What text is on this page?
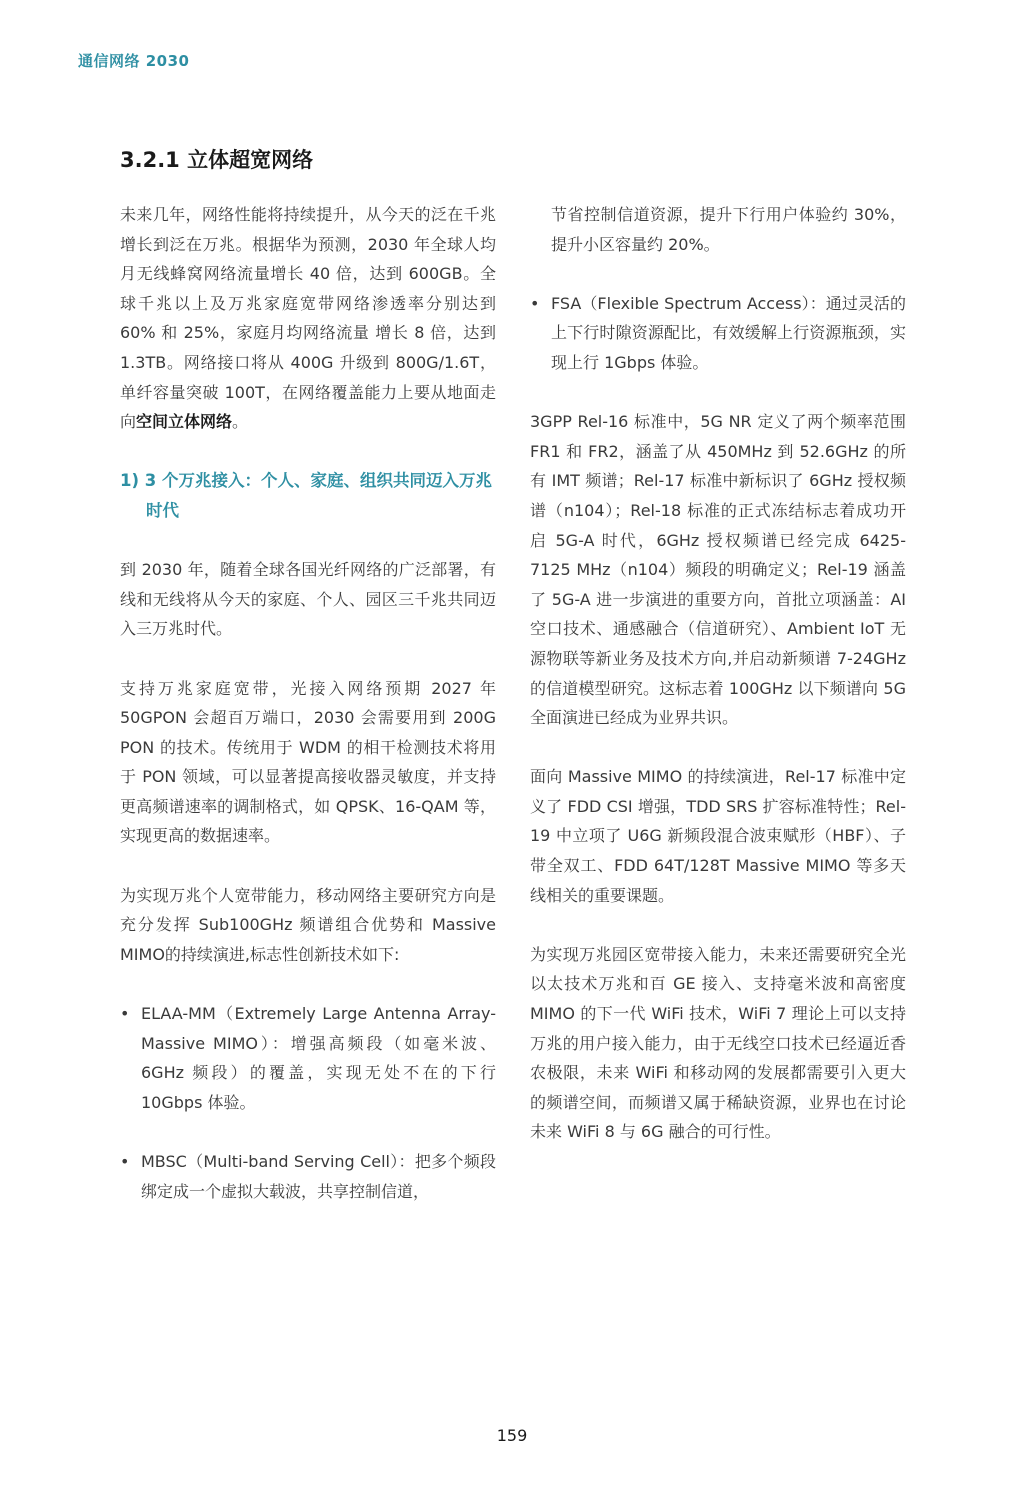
通信网络 2030
3.2.1 立体超宽网络

未来几年，网络性能将持续提升，从今天的泛在千兆增长到泛在万兆。根据华为预测，2030 年全球人均月无线蜂窝网络流量增长 40 倍，达到 600GB。全球千兆以上及万兆家庭宽带网络渗透率分别达到 60% 和 25%，家庭月均网络流量 增长 8 倍，达到 1.3TB。网络接口将从 400G 升级到 800G/1.6T，单纤容量突破 100T，在网络覆盖能力上要从地面走向空间立体网络。

1) 3 个万兆接入：个人、家庭、组织共同迈入万兆时代

到 2030 年，随着全球各国光纤网络的广泛部署，有线和无线将从今天的家庭、个人、园区三千兆共同迈入三万兆时代。

支持万兆家庭宽带，光接入网络预期 2027 年 50GPON 会超百万端口，2030 会需要用到 200G PON 的技术。传统用于 WDM 的相干检测技术将用于 PON 领域，可以显著提高接收器灵敏度，并支持更高频谱速率的调制格式，如 QPSK、16-QAM 等，实现更高的数据速率。

为实现万兆个人宽带能力，移动网络主要研究方向是充分发挥 Sub100GHz 频谱组合优势和 Massive MIMO的持续演进,标志性创新技术如下:

• ELAA-MM（Extremely Large Antenna Array-Massive MIMO）：增强高频段（如毫米波、6GHz 频段）的覆盖，实现无处不在的下行 10Gbps 体验。
• MBSC（Multi-band Serving Cell）：把多个频段绑定成一个虚拟大载波，共享控制信道，
节省控制信道资源，提升下行用户体验约 30%，提升小区容量约 20%。
• FSA（Flexible Spectrum Access）：通过灵活的上下行时隙资源配比，有效缓解上行资源瓶颈，实现上行 1Gbps 体验。

3GPP Rel-16 标准中，5G NR 定义了两个频率范围 FR1 和 FR2，涵盖了从 450MHz 到 52.6GHz 的所有 IMT 频谱；Rel-17 标准中新标识了 6GHz 授权频谱（n104）；Rel-18 标准的正式冻结标志着成功开启 5G-A 时代，6GHz 授权频谱已经完成 6425-7125 MHz（n104）频段的明确定义；Rel-19 涵盖了 5G-A 进一步演进的重要方向，首批立项涵盖：AI 空口技术、通感融合（信道研究）、Ambient IoT 无源物联等新业务及技术方向,并启动新频谱 7-24GHz 的信道模型研究。这标志着 100GHz 以下频谱向 5G 全面演进已经成为业界共识。

面向 Massive MIMO 的持续演进，Rel-17 标准中定义了 FDD CSI 增强，TDD SRS 扩容标准特性；Rel-19 中立项了 U6G 新频段混合波束赋形（HBF）、子带全双工、FDD 64T/128T Massive MIMO 等多天线相关的重要课题。

为实现万兆园区宽带接入能力，未来还需要研究全光以太技术万兆和百 GE 接入、支持毫米波和高密度 MIMO 的下一代 WiFi 技术，WiFi 7 理论上可以支持万兆的用户接入能力，由于无线空口技术已经逼近香农极限，未来 WiFi 和移动网的发展都需要引入更大的频谱空间，而频谱又属于稀缺资源，业界也在讨论未来 WiFi 8 与 6G 融合的可行性。

159
